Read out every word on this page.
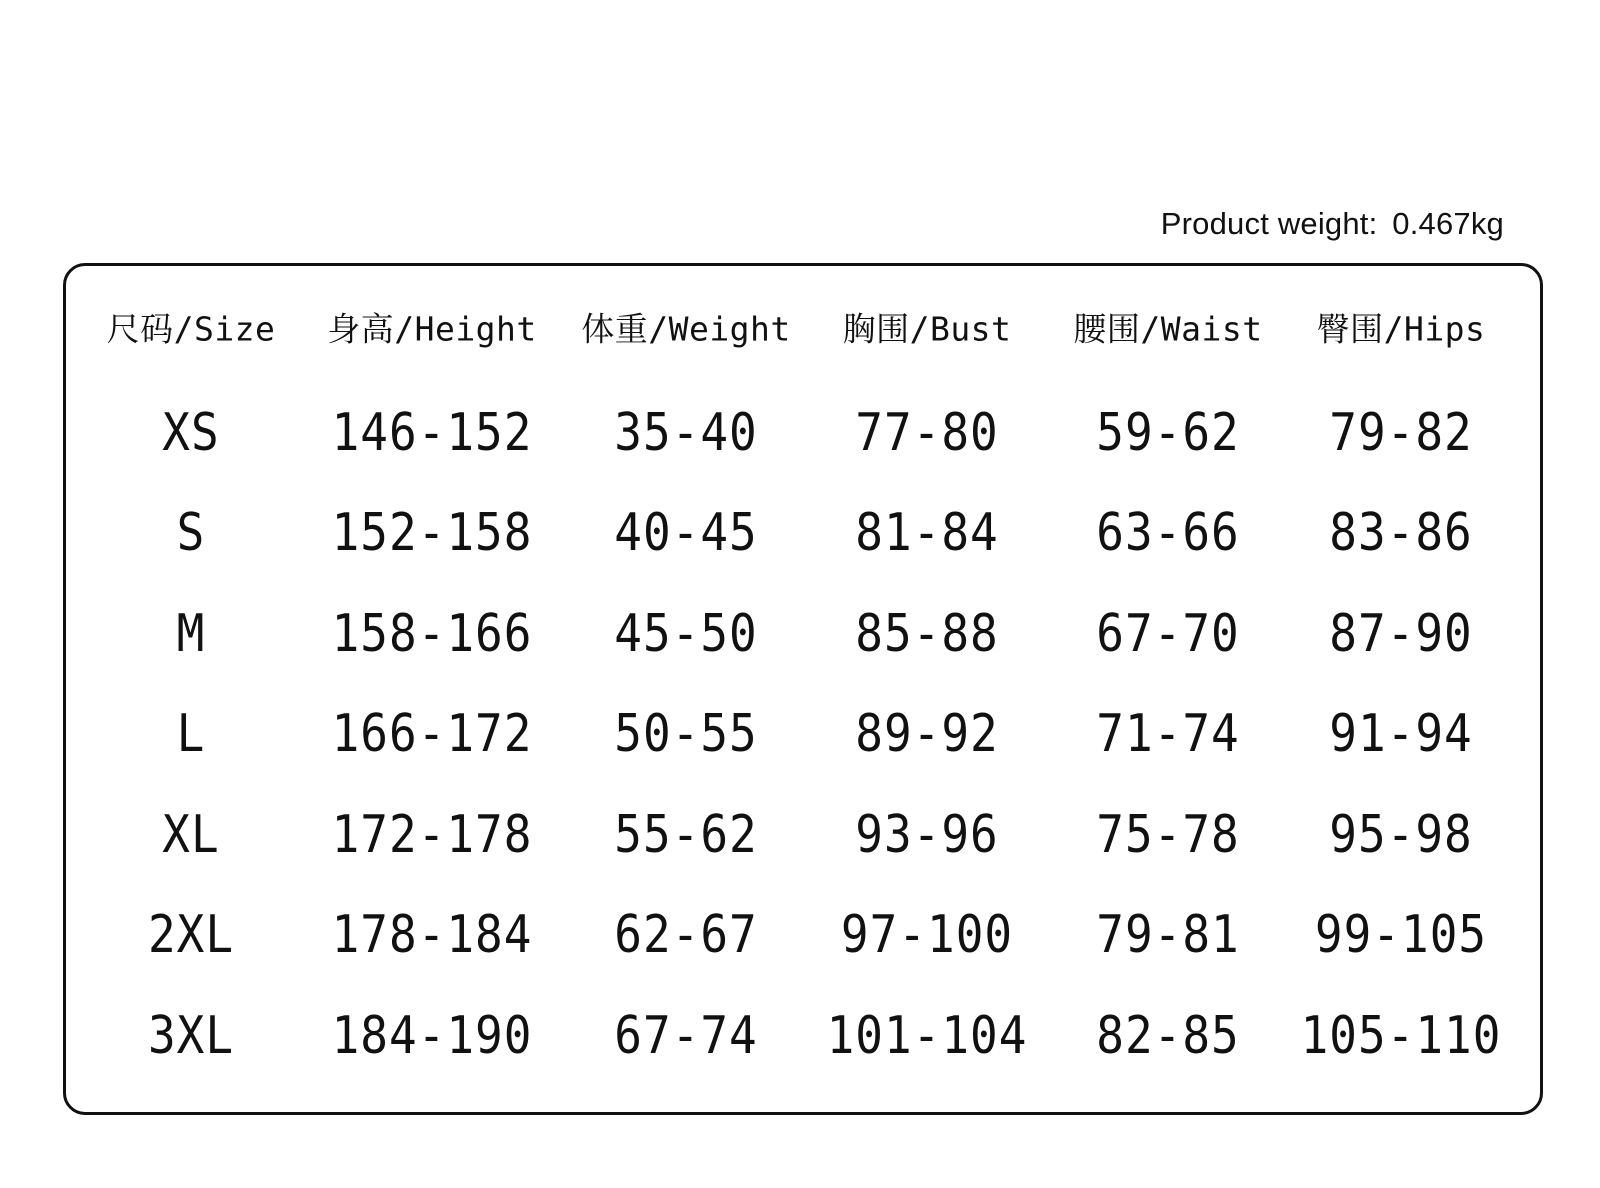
Product weight: 0.467kg
尺码/Size 身高/Height 体重/Weight 胸围/Bust 腰围/Waist 臀围/Hips
XS 146-152 35-40 77-80 59-62 79-82
S	152-158 40-45 81-84 63-66 83-86
M	158-166 45-50 85-88 67-70 87-90
L	166-172 50-55 89-92 71-74 91-94
XL 172-178 55-62 93-96 75-78 95-98
2XL 178-184 62-67 97-100 79-81 99-105
3XL 184-190 67-74 101-104 82-85 105-110
